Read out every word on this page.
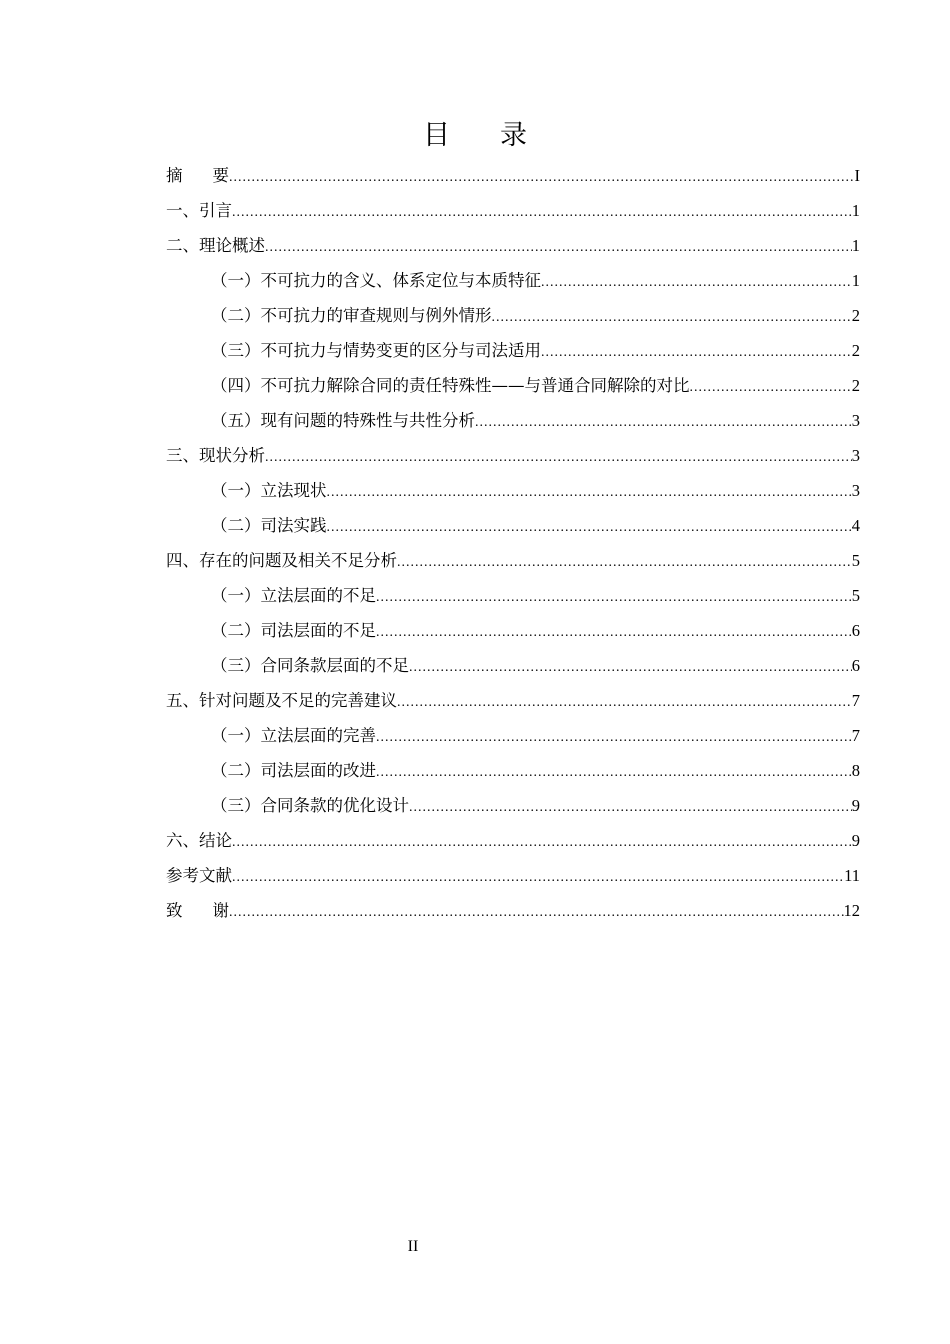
目 录
摘 要 .....	I
一、引言 .....	1
二、理论概述 .....	1
（一）不可抗力的含义、体系定位与本质特征 .....	1
（二）不可抗力的审查规则与例外情形 .....	2
（三）不可抗力与情势变更的区分与司法适用 .....	2
（四）不可抗力解除合同的责任特殊性——与普通合同解除的对比 .....	2
（五）现有问题的特殊性与共性分析 .....	3
三、现状分析 .....	3
（一）立法现状 .....	3
（二）司法实践 .....	4
四、存在的问题及相关不足分析 .....	5
（一）立法层面的不足 .....	5
（二）司法层面的不足 .....	6
（三）合同条款层面的不足 .....	6
五、针对问题及不足的完善建议 .....	7
（一）立法层面的完善 .....	7
（二）司法层面的改进 .....	8
（三）合同条款的优化设计 .....	9
六、结论 .....	9
参考文献 .....	11
致 谢 .....	12
II
